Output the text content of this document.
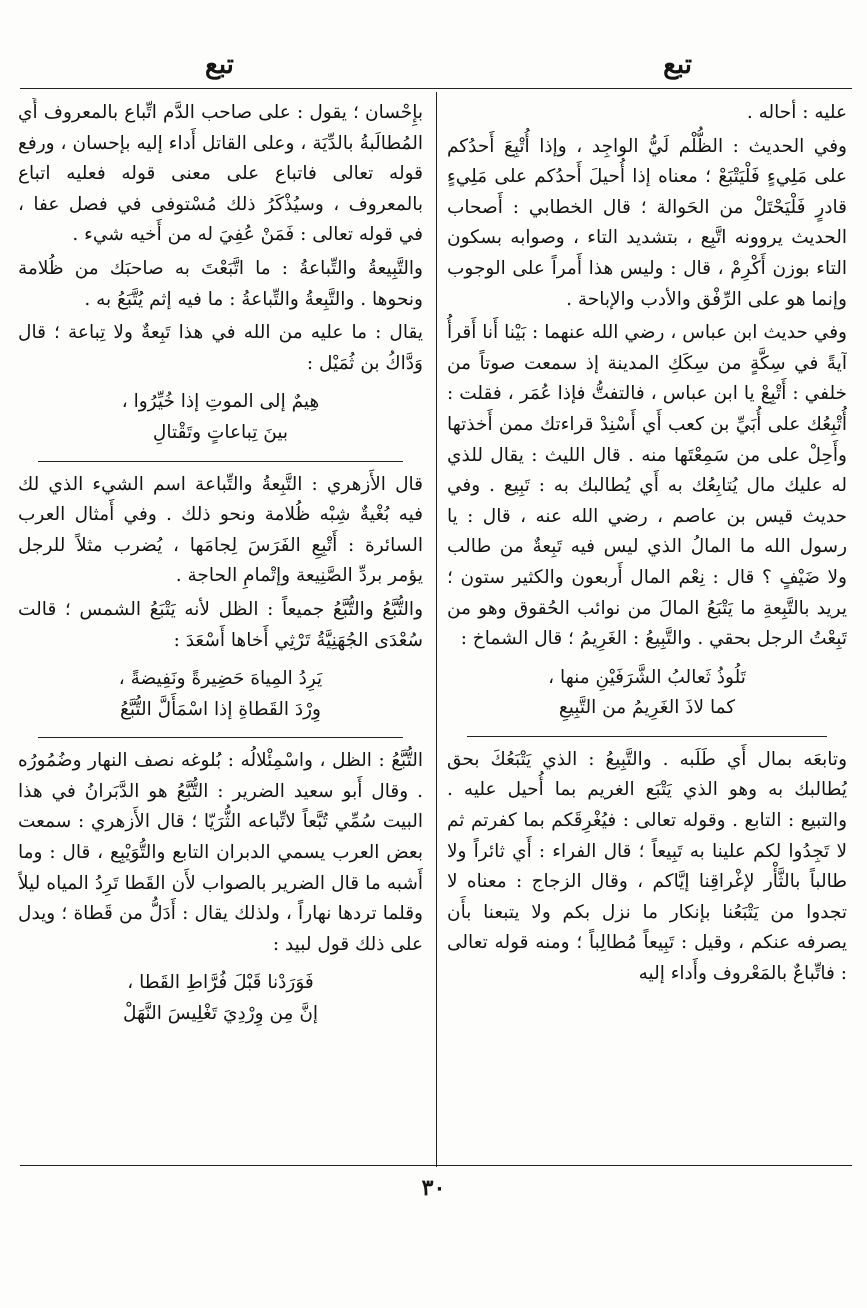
تبع
تبع

عليه : أحاله .

وفي الحديث : الظُّلْم لَيُّ الواجِد ، وإذا أُتْبِعَ أَحدُكم على مَلِيءٍ فَلْيَتْبَعْ ؛ معناه إذا أُحيلَ أَحدُكم على مَلِيءٍ قادرٍ فَلْيَحْتَلْ من الحَوالة ؛ قال الخطابي : أَصحاب الحديث يروونه اتَّبِع ، بتشديد التاء ، وصوابه بسكون التاء بوزن أَكْرِمْ ، قال : وليس هذا أَمراً على الوجوب وإنما هو على الرِّفْق والأدب والإباحة .

وفي حديث ابن عباس ، رضي الله عنهما : بَيْنا أَنا أَقرأُ آيةً في سِكَّةٍ من سِكَكِ المدينة إذ سمعت صوتاً من خلفي : أَتْبِعْ يا ابن عباس ، فالتفتُّ فإذا عُمَر ، فقلت : أُتْبِعُك على أُبَيِّ بن كعب أَي أَسْنِدْ قراءتك ممن أَخذتها وأَحِلْ على من سَمِعْتَها منه . قال الليث : يقال للذي له عليك مال يُتابِعُك به أَي يُطالبك به : تَبِيع . وفي حديث قيس بن عاصم ، رضي الله عنه ، قال : يا رسول الله ما المالُ الذي ليس فيه تَبِعةٌ من طالب ولا ضَيْفٍ ؟ قال : نِعْم المال أَربعون والكثير ستون ؛ يريد بالتَّبِعةِ ما يَتْبَعُ المالَ من نوائب الحُقوق وهو من تَبِعْتُ الرجل بحقي . والتَّبِيعُ : الغَرِيمُ ؛ قال الشماخ :

تَلُوذُ ثَعالبُ الشَّرَفَيْنِ منها ،
كما لاذَ الغَرِيمُ من التَّبِيعِ

وتابعَه بمال أَي طَلَبه . والتَّبِيعُ : الذي يَتْبَعُكَ بحق يُطالبك به وهو الذي يَتْبَع الغريم بما أُحيل عليه . والتبيع : التابع . وقوله تعالى : فيُغْرِقَكم بما كفرتم ثم لا تَجِدُوا لكم علينا به تَبِيعاً ؛ قال الفراء : أَي ثائراً ولا طالباً بالثَّأْر لإغْراقِنا إيَّاكم ، وقال الزجاج : معناه لا تجدوا من يَتْبَعُنا بإنكار ما نزل بكم ولا يتبعنا بأَن يصرفه عنكم ، وقيل : تَبِيعاً مُطالِباً ؛ ومنه قوله تعالى : فاتِّباعٌ بالمَعْروف وأَداء إليه

بإِحْسان ؛ يقول : على صاحب الدَّم اتِّباع بالمعروف أَي المُطالَبةُ بالدِّيَة ، وعلى القاتل أَداء إليه بإحسان ، ورفع قوله تعالى فاتباع على معنى قوله فعليه اتباع بالمعروف ، وسيُذْكَرُ ذلك مُسْتوفى في فصل عفا ، في قوله تعالى : فَمَنْ عُفِيَ له من أَخيه شيء .

والتَّبِيعةُ والتِّباعةُ : ما اتَّبَعْتَ به صاحبَك من ظُلامة ونحوها . والتَّبِعةُ والتِّباعةُ : ما فيه إثم يُتَّبَعُ به .

يقال : ما عليه من الله في هذا تَبِعةٌ ولا تِباعة ؛ قال وَدَّاكُ بن ثُمَيْل :

هِيمٌ إلى الموتِ إذا خُيِّرُوا ،
بينَ تِباعاتٍ وتَقْتالِ

قال الأَزهري : التَّبِعةُ والتِّباعة اسم الشيء الذي لك فيه بُغْيةٌ شِبْه ظُلامة ونحو ذلك . وفي أَمثال العرب السائرة : أَتْبِعِ الفَرَسَ لِجامَها ، يُضرب مثلاً للرجل يؤمر بردِّ الصَّنِيعة وإتْمامِ الحاجة .

والتُّبَّعُ والتُّبَّعُ جميعاً : الظل لأنه يَتْبَعُ الشمس ؛ قالت سُعْدَى الجُهَنِيَّةُ تَرْثِي أَخاها أَسْعَدَ :

يَرِدُ المِياهَ حَضِيرةً ونَفِيضةً ،
وِرْدَ القَطاةِ إذا اسْمَأَلَّ التُّبَّعُ

التُّبَّعُ : الظل ، واسْمِئْلالُه : بُلوغه نصف النهار وضُمُورُه . وقال أَبو سعيد الضرير : التُّبَّعُ هو الدَّبَرانُ في هذا البيت سُمِّي تُبَّعاً لاتِّباعه الثُّرَيّا ؛ قال الأَزهري : سمعت بعض العرب يسمي الدبران التابع والتُّوَيْبِع ، قال : وما أَشبه ما قال الضرير بالصواب لأَن القَطا تَرِدُ المياه ليلاً وقلما تردها نهاراً ، ولذلك يقال : أَدَلُّ من قَطاة ؛ ويدل على ذلك قول لبيد :

فَوَرَدْنا قَبْلَ فُرَّاطِ القَطا ،
إنَّ مِن وِرْدِيَ تَغْلِيسَ النَّهَلْ

٣٠
